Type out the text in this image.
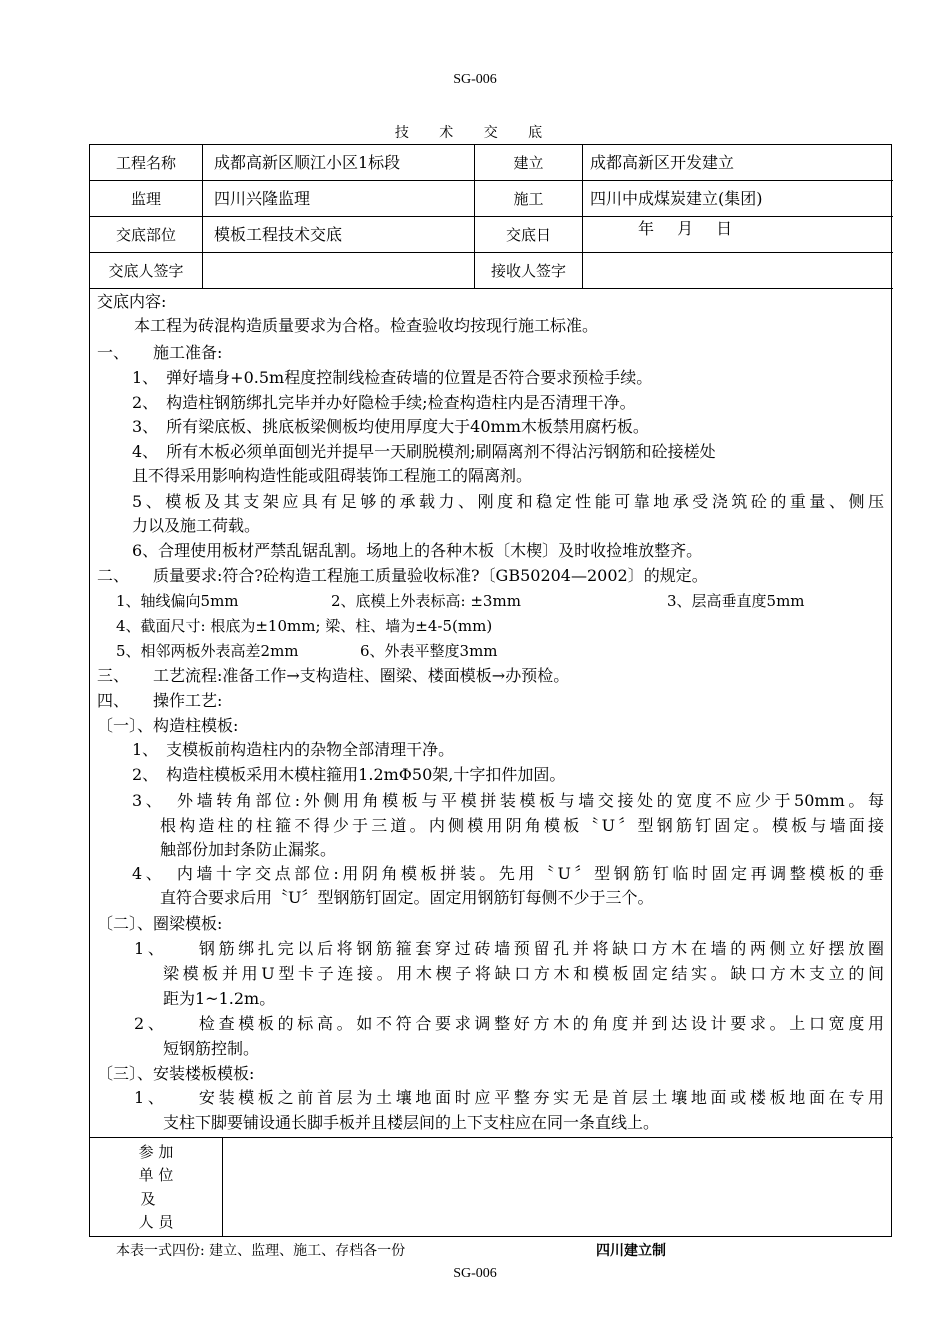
SG-006
技 术 交 底
工程名称	成都高新区顺江小区1标段	建立	成都高新区开发建立
监理	四川兴隆监理	施工	四川中成煤炭建立(集团)
交底部位	模板工程技术交底	交底日	年 月 日
交底人签字	接收人签字
参 加
单 位
及
人 员
交底内容:
本工程为砖混构造质量要求为合格。检查验收均按现行施工标准。
一、　　施工准备:
1、　弹好墙身+0.5m程度控制线检查砖墙的位置是否符合要求预检手续。
2、　构造柱钢筋绑扎完毕并办好隐检手续;检查构造柱内是否清理干净。
3、　所有梁底板、挑底板梁侧板均使用厚度大于40mm木板禁用腐朽板。
4、　所有木板必须单面刨光并提早一天刷脱模剂;刷隔离剂不得沾污钢筋和砼接槎处
且不得采用影响构造性能或阻碍装饰工程施工的隔离剂。
5、模板及其支架应具有足够的承载力、刚度和稳定性能可靠地承受浇筑砼的重量、侧压
力以及施工荷载。
6、合理使用板材严禁乱锯乱割。场地上的各种木板〔木楔〕及时收捡堆放整齐。
二、　　质量要求:符合?砼构造工程施工质量验收标准?〔GB50204—2002〕的规定。
1、轴线偏向5mm	2、底模上外表标高: ±3mm	3、层高垂直度5mm
4、截面尺寸: 根底为±10mm; 梁、柱、墙为±4-5(mm)
5、相邻两板外表高差2mm	6、外表平整度3mm
三、　　工艺流程:准备工作→支构造柱、圈梁、楼面模板→办预检。
四、　　操作工艺:
〔一〕、构造柱模板:
1、　支模板前构造柱内的杂物全部清理干净。
2、　构造柱模板采用木模柱箍用1.2mΦ50架,十字扣件加固。
3、　外墙转角部位:外侧用角模板与平模拼装模板与墙交接处的宽度不应少于50mm。每
根构造柱的柱箍不得少于三道。内侧模用阴角模板〝U〞型钢筋钉固定。模板与墙面接
触部份加封条防止漏浆。
4、　内墙十字交点部位:用阴角模板拼装。先用〝U〞型钢筋钉临时固定再调整模板的垂
直符合要求后用〝U〞型钢筋钉固定。固定用钢筋钉每侧不少于三个。
〔二〕、圈梁模板:
1、　　钢筋绑扎完以后将钢筋箍套穿过砖墙预留孔并将缺口方木在墙的两侧立好摆放圈
梁模板并用U型卡子连接。用木楔子将缺口方木和模板固定结实。缺口方木支立的间
距为1~1.2m。
2、　　检查模板的标高。如不符合要求调整好方木的角度并到达设计要求。上口宽度用
短钢筋控制。
〔三〕、安装楼板模板:
1、　　安装模板之前首层为土壤地面时应平整夯实无是首层土壤地面或楼板地面在专用
支柱下脚要铺设通长脚手板并且楼层间的上下支柱应在同一条直线上。
本表一式四份: 建立、监理、施工、存档各一份	四川建立制
SG-006
